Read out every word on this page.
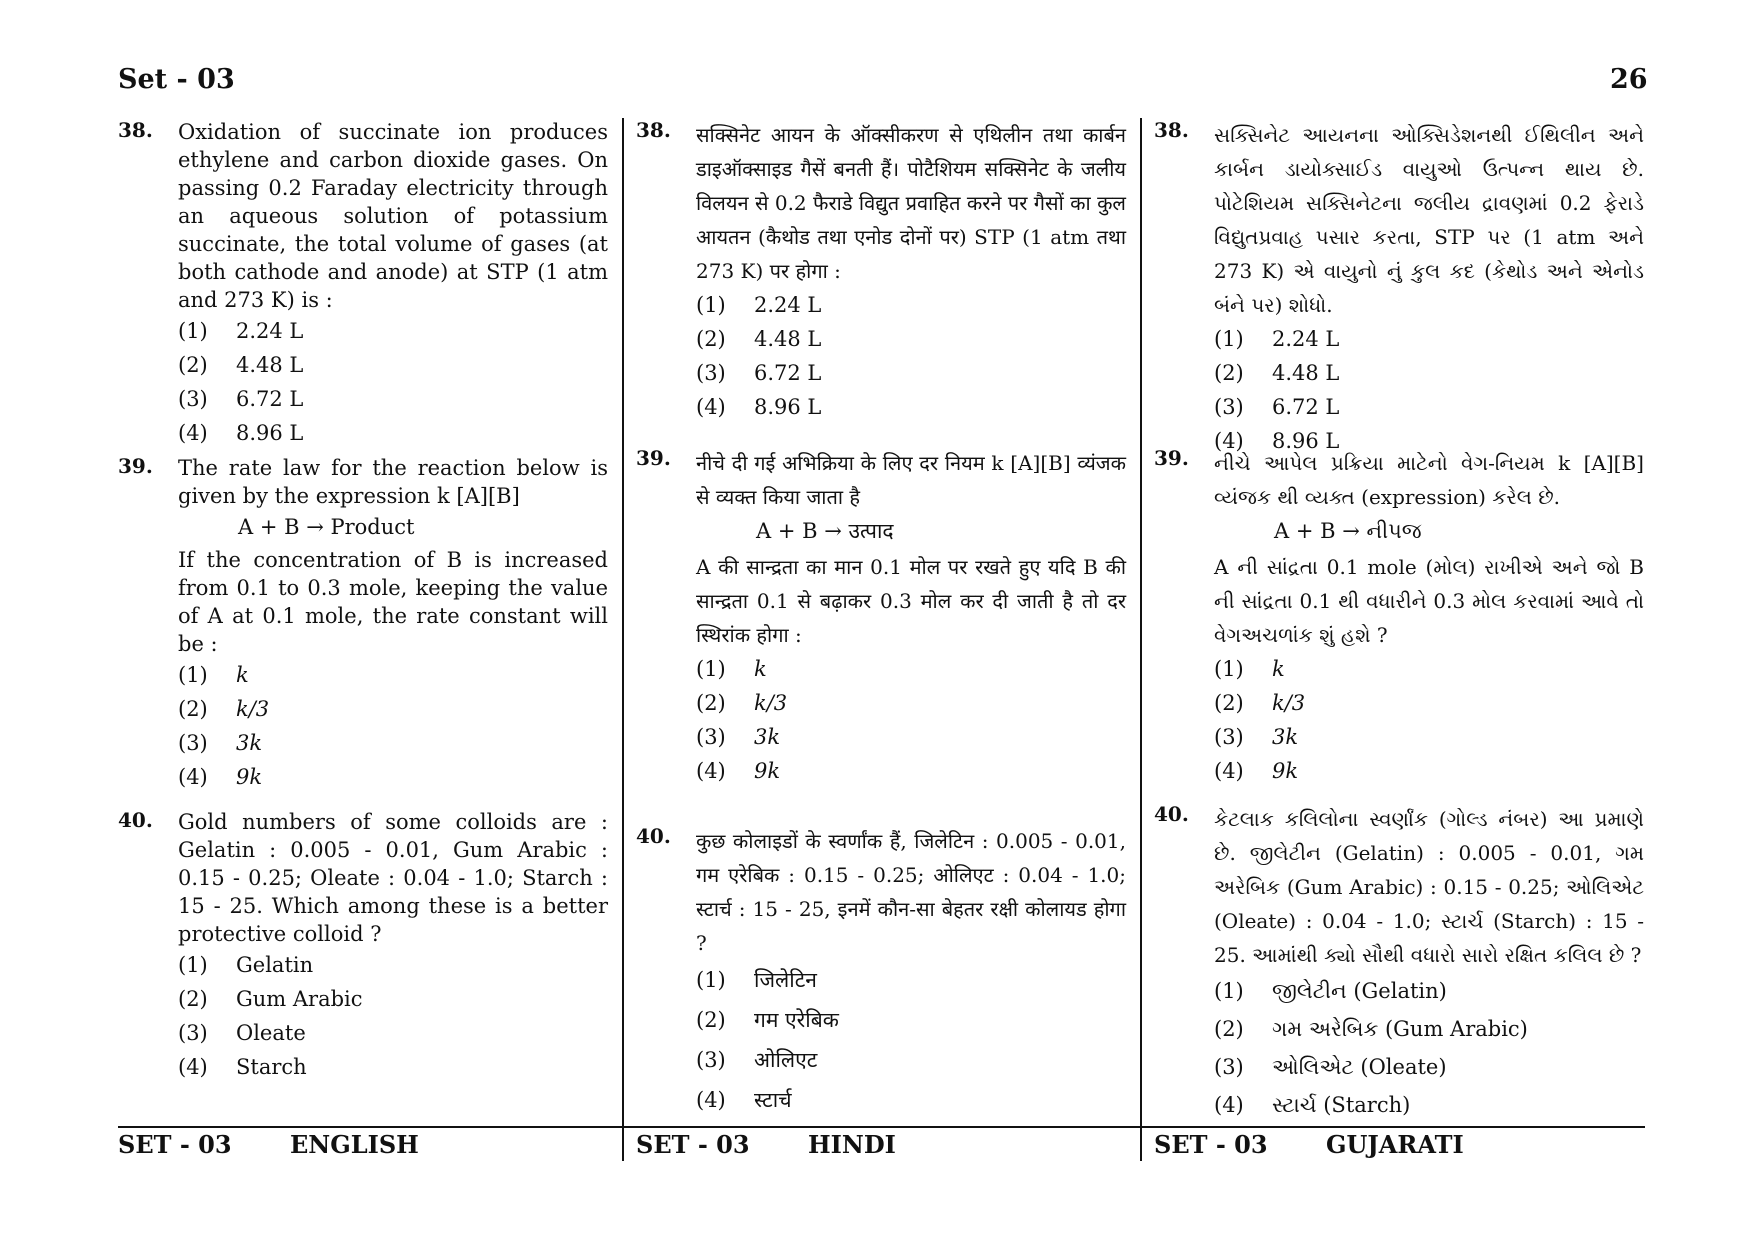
Set - 03	26
38. Oxidation of succinate ion produces ethylene and carbon dioxide gases. On passing 0.2 Faraday electricity through an aqueous solution of potassium succinate, the total volume of gases (at both cathode and anode) at STP (1 atm and 273 K) is :
(1) 2.24 L
(2) 4.48 L
(3) 6.72 L
(4) 8.96 L
39. The rate law for the reaction below is given by the expression k [A][B]
A + B → Product
If the concentration of B is increased from 0.1 to 0.3 mole, keeping the value of A at 0.1 mole, the rate constant will be :
(1) k
(2) k/3
(3) 3k
(4) 9k
40. Gold numbers of some colloids are : Gelatin : 0.005 - 0.01, Gum Arabic : 0.15 - 0.25; Oleate : 0.04 - 1.0; Starch : 15 - 25. Which among these is a better protective colloid ?
(1) Gelatin
(2) Gum Arabic
(3) Oleate
(4) Starch
38. सक्सिनेट आयन के ऑक्सीकरण से एथिलीन तथा कार्बन डाइऑक्साइड गैसें बनती हैं। पोटैशियम सक्सिनेट के जलीय विलयन से 0.2 फैराडे विद्युत प्रवाहित करने पर गैसों का कुल आयतन (कैथोड तथा एनोड दोनों पर) STP (1 atm तथा 273 K) पर होगा :
(1) 2.24 L
(2) 4.48 L
(3) 6.72 L
(4) 8.96 L
39. नीचे दी गई अभिक्रिया के लिए दर नियम k [A][B] व्यंजक से व्यक्त किया जाता है
A + B → उत्पाद
A की सान्द्रता का मान 0.1 मोल पर रखते हुए यदि B की सान्द्रता 0.1 से बढ़ाकर 0.3 मोल कर दी जाती है तो दर स्थिरांक होगा :
(1) k
(2) k/3
(3) 3k
(4) 9k
40. कुछ कोलाइडों के स्वर्णांक हैं, जिलेटिन : 0.005 - 0.01, गम एरेबिक : 0.15 - 0.25; ओलिएट : 0.04 - 1.0; स्टार्च : 15 - 25, इनमें कौन-सा बेहतर रक्षी कोलायड होगा ?
(1) जिलेटिन
(2) गम एरेबिक
(3) ओलिएट
(4) स्टार्च
38. સક્સિનેટ આયનના ઓક્સિડેશનથી ઈથિલીન અને કાર્બન ડાયોક્સાઈડ વાયુઓ ઉત્પન્ન થાય છે. પોટેશિયમ સક્સિનેટના જલીય દ્રાવણમાં 0.2 ફેરાડે વિદ્યુતપ્રવાહ પસાર કરતા, STP પર (1 atm અને 273 K) એ વાયુનો નું કુલ કદ (કેથોડ અને એનોડ બંને પર) શોધો.
(1) 2.24 L
(2) 4.48 L
(3) 6.72 L
(4) 8.96 L
39. નીચે આપેલ પ્રક્રિયા માટેનો વેગ-નિયમ k [A][B] વ્યંજક થી વ્યક્ત (expression) કરેલ છે.
A + B → નીપજ
A ની સાંદ્રતા 0.1 mole (મોલ) રાખીએ અને જો B ની સાંદ્રતા 0.1 થી વધારીને 0.3 મોલ કરવામાં આવે તો વેગઅચળાંક શું હશે ?
(1) k
(2) k/3
(3) 3k
(4) 9k
40. કેટલાક કલિલોના સ્વર્ણાંક (ગોલ્ડ નંબર) આ પ્રમાણે છે. જીલેટીન (Gelatin) : 0.005 - 0.01, ગમ અરેબિક (Gum Arabic) : 0.15 - 0.25; ઓલિએટ (Oleate) : 0.04 - 1.0; સ્ટાર્ચ (Starch) : 15 - 25. આમાંથી ક્યો સૌથી વધારો સારો રક્ષિત કલિલ છે ?
(1) જીલેટીન (Gelatin)
(2) ગમ અરેબિક (Gum Arabic)
(3) ઓલિએટ (Oleate)
(4) સ્ટાર્ચ (Starch)
SET - 03 ENGLISH	SET - 03 HINDI	SET - 03 GUJARATI
